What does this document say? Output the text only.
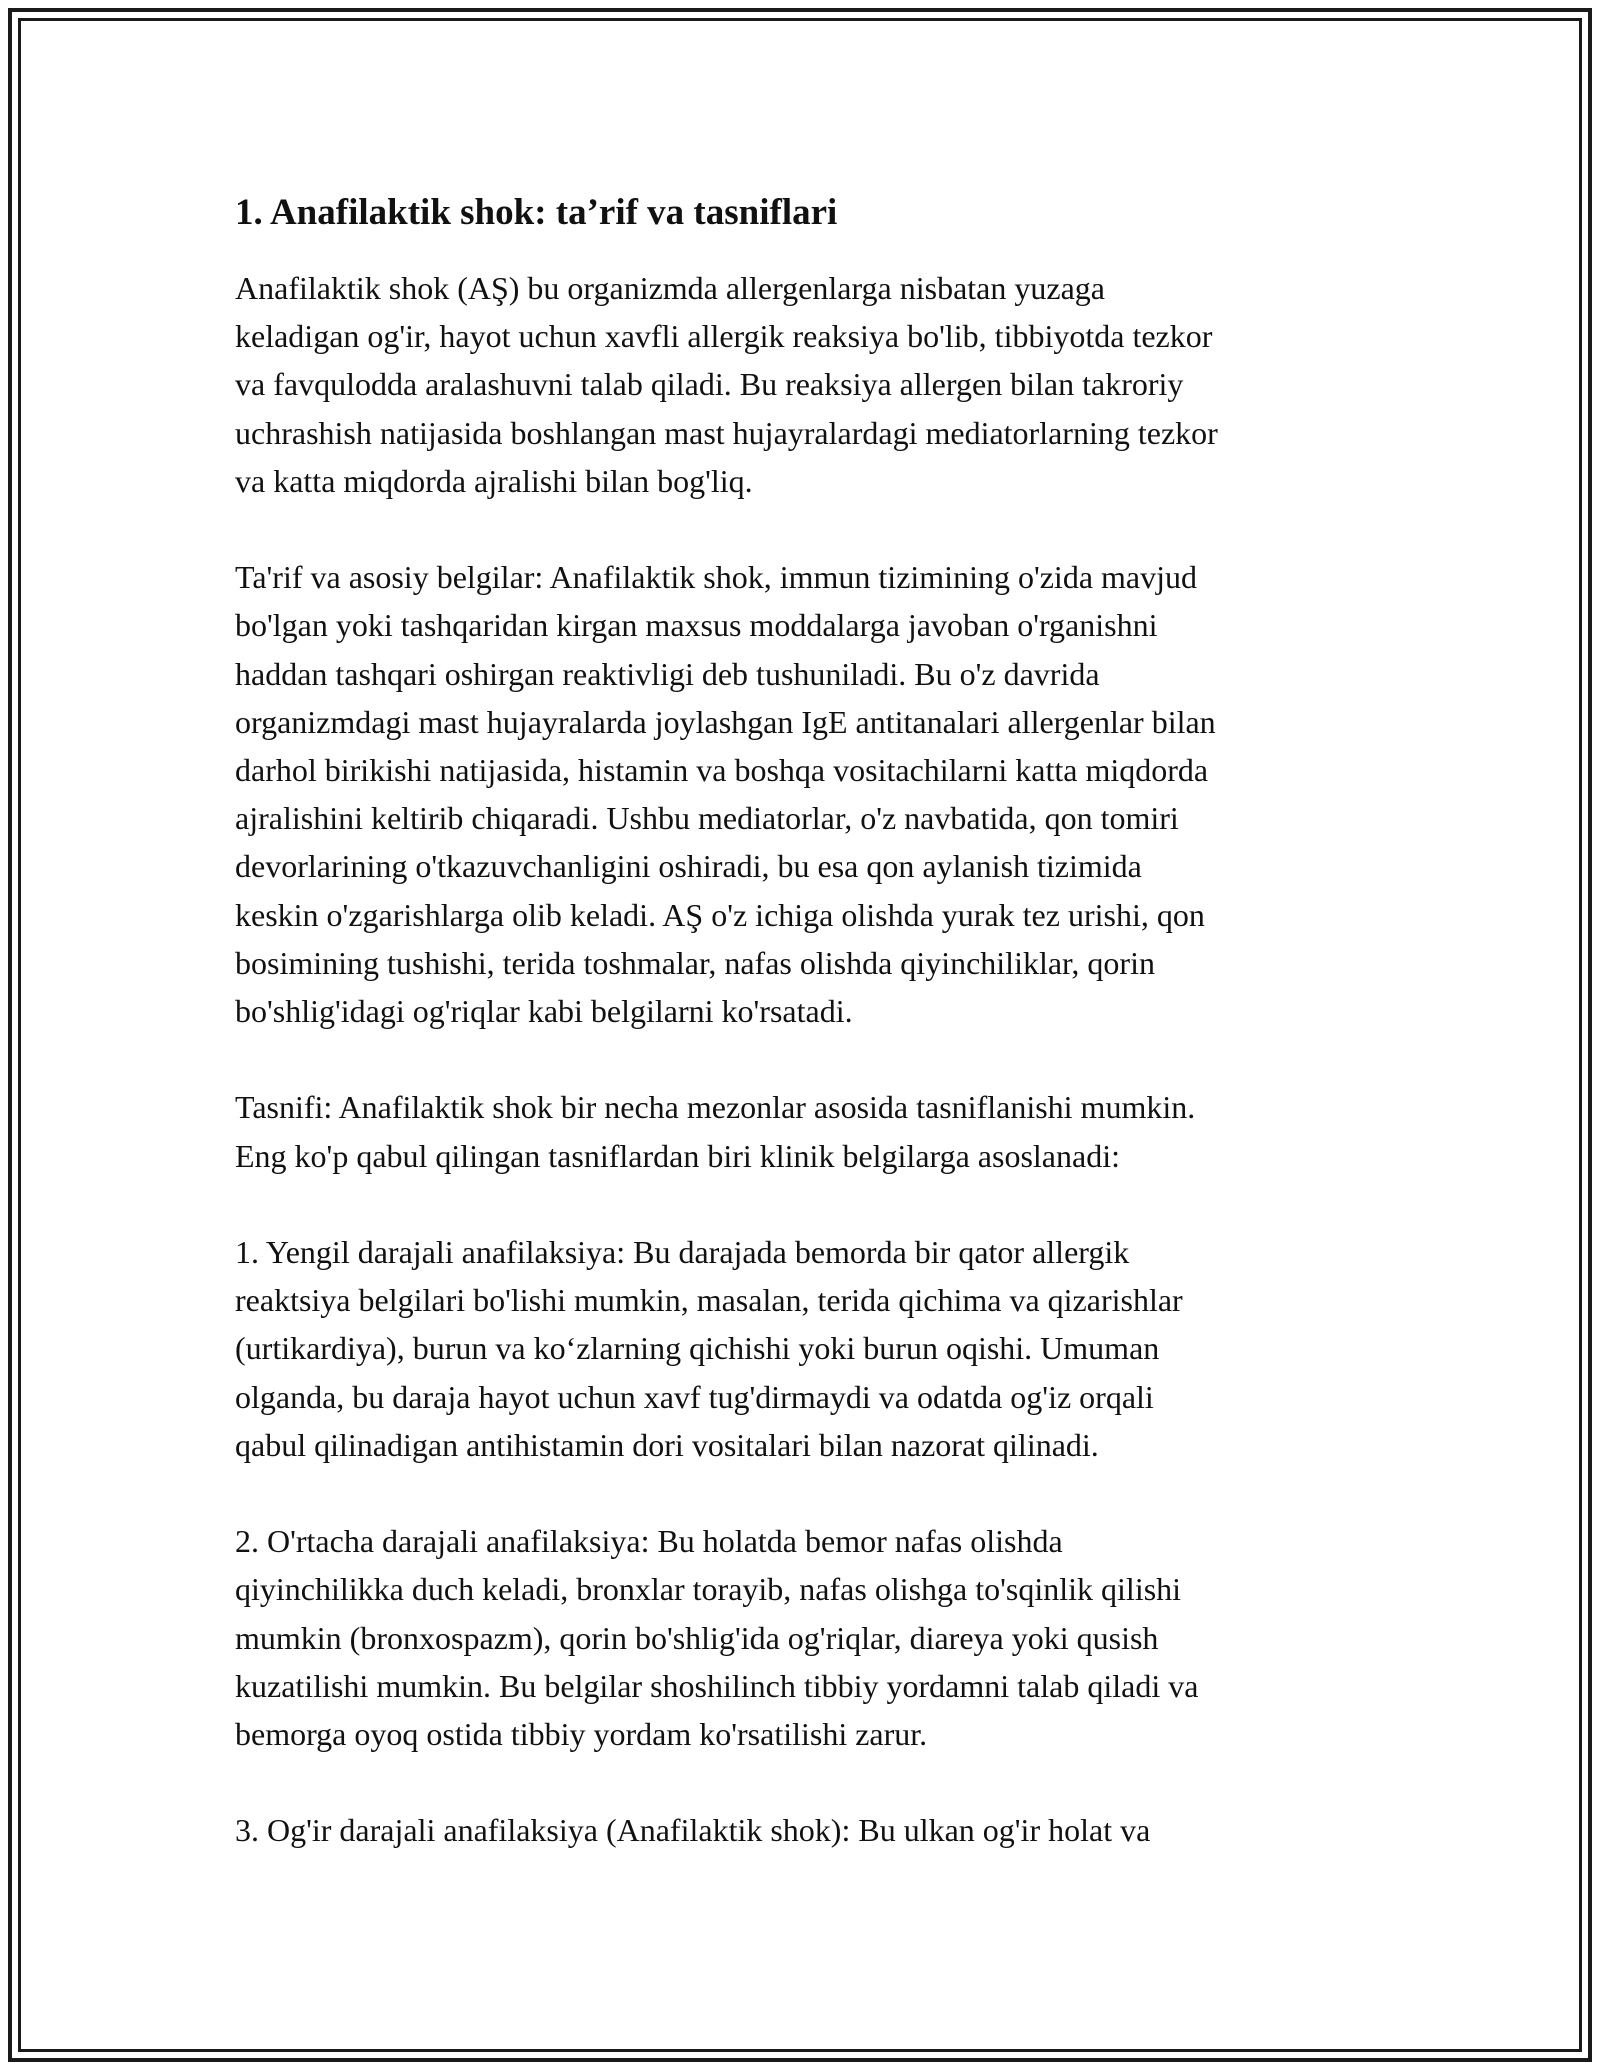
1. Anafilaktik shok: ta’rif va tasniflari
Anafilaktik shok (AŞ) bu organizmda allergenlarga nisbatan yuzaga
keladigan og'ir, hayot uchun xavfli allergik reaksiya bo'lib, tibbiyotda tezkor
va favqulodda aralashuvni talab qiladi. Bu reaksiya allergen bilan takroriy
uchrashish natijasida boshlangan mast hujayralardagi mediatorlarning tezkor
va katta miqdorda ajralishi bilan bog'liq.
Ta'rif va asosiy belgilar: Anafilaktik shok, immun tizimining o'zida mavjud
bo'lgan yoki tashqaridan kirgan maxsus moddalarga javoban o'rganishni
haddan tashqari oshirgan reaktivligi deb tushuniladi. Bu o'z davrida
organizmdagi mast hujayralarda joylashgan IgE antitanalari allergenlar bilan
darhol birikishi natijasida, histamin va boshqa vositachilarni katta miqdorda
ajralishini keltirib chiqaradi. Ushbu mediatorlar, o'z navbatida, qon tomiri
devorlarining o'tkazuvchanligini oshiradi, bu esa qon aylanish tizimida
keskin o'zgarishlarga olib keladi. AŞ o'z ichiga olishda yurak tez urishi, qon
bosimining tushishi, terida toshmalar, nafas olishda qiyinchiliklar, qorin
bo'shlig'idagi og'riqlar kabi belgilarni ko'rsatadi.
Tasnifi: Anafilaktik shok bir necha mezonlar asosida tasniflanishi mumkin.
Eng ko'p qabul qilingan tasniflardan biri klinik belgilarga asoslanadi:
1. Yengil darajali anafilaksiya: Bu darajada bemorda bir qator allergik
reaktsiya belgilari bo'lishi mumkin, masalan, terida qichima va qizarishlar
(urtikardiya), burun va ko‘zlarning qichishi yoki burun oqishi. Umuman
olganda, bu daraja hayot uchun xavf tug'dirmaydi va odatda og'iz orqali
qabul qilinadigan antihistamin dori vositalari bilan nazorat qilinadi.
2. O'rtacha darajali anafilaksiya: Bu holatda bemor nafas olishda
qiyinchilikka duch keladi, bronxlar torayib, nafas olishga to'sqinlik qilishi
mumkin (bronxospazm), qorin bo'shlig'ida og'riqlar, diareya yoki qusish
kuzatilishi mumkin. Bu belgilar shoshilinch tibbiy yordamni talab qiladi va
bemorga oyoq ostida tibbiy yordam ko'rsatilishi zarur.
3. Og'ir darajali anafilaksiya (Anafilaktik shok): Bu ulkan og'ir holat va
